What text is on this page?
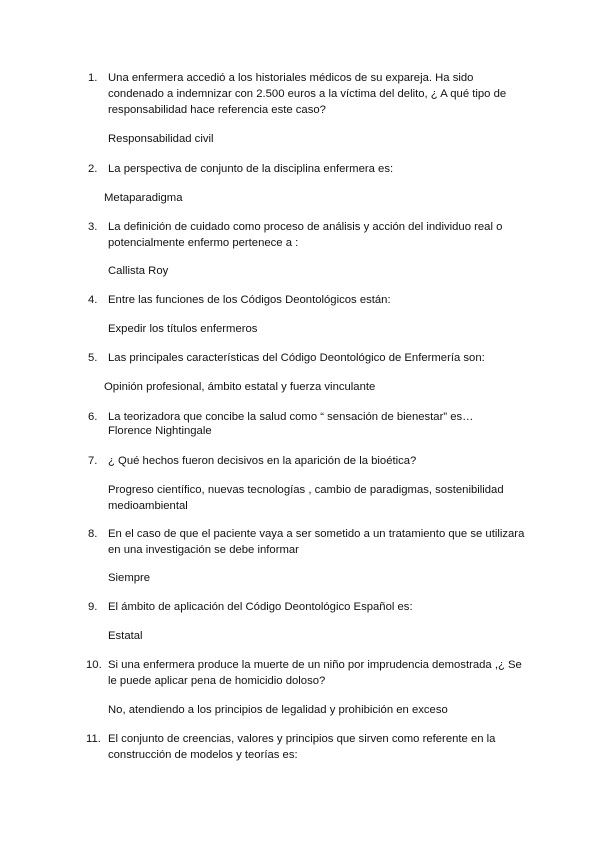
1. Una enfermera accedió a los historiales médicos de su expareja. Ha sido condenado a indemnizar con 2.500 euros a la víctima del delito, ¿ A qué tipo de responsabilidad hace referencia este caso?
Responsabilidad civil
2. La perspectiva de conjunto de la disciplina enfermera es:
Metaparadigma
3. La definición de cuidado como proceso de análisis y acción del individuo real o potencialmente enfermo pertenece a :
Callista Roy
4. Entre las funciones de los Códigos Deontológicos están:
Expedir los títulos enfermeros
5. Las principales características del Código Deontológico de Enfermería son:
Opinión profesional, ámbito estatal y fuerza vinculante
6. La teorizadora que concibe la salud como “ sensación de bienestar” es…
Florence Nightingale
7. ¿ Qué hechos fueron decisivos en la aparición de la bioética?
Progreso científico, nuevas tecnologías , cambio de paradigmas, sostenibilidad medioambiental
8. En el caso de que el paciente vaya a ser sometido a un tratamiento que se utilizara en una investigación se debe informar
Siempre
9. El ámbito de aplicación del Código Deontológico Español es:
Estatal
10. Si una enfermera produce la muerte de un niño por imprudencia demostrada ,¿ Se le puede aplicar pena de homicidio doloso?
No, atendiendo a los principios de legalidad y prohibición en exceso
11. El conjunto de creencias, valores y principios que sirven como referente en la construcción de modelos y teorías es:
